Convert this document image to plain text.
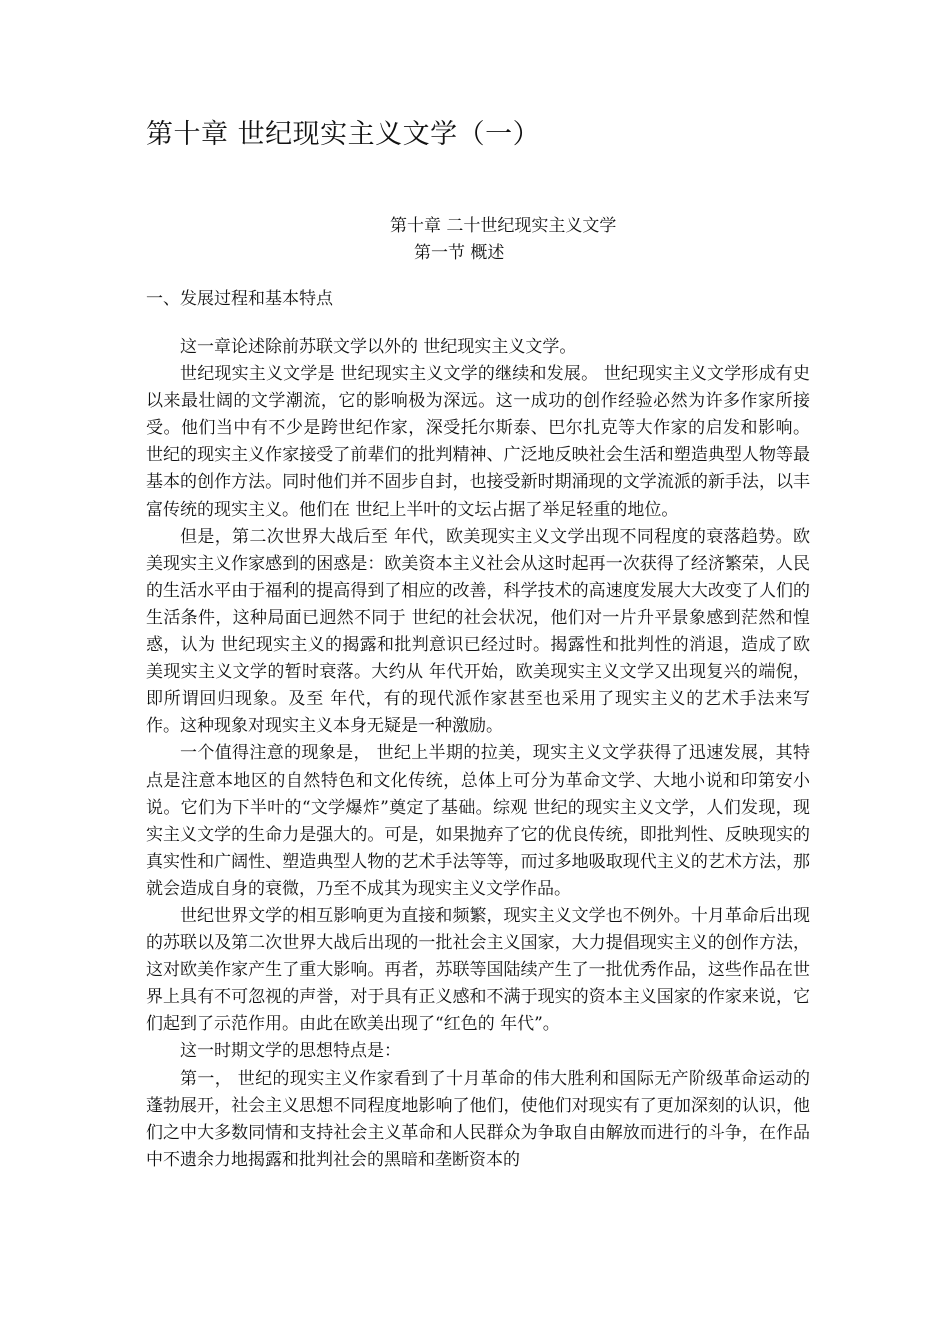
第十章 世纪现实主义文学（一）
第十章 二十世纪现实主义文学
第一节 概述
一、发展过程和基本特点

这一章论述除前苏联文学以外的 世纪现实主义文学。

世纪现实主义文学是 世纪现实主义文学的继续和发展。 世纪现实主义文学形成有史以来最壮阔的文学潮流，它的影响极为深远。这一成功的创作经验必然为许多作家所接受。他们当中有不少是跨世纪作家，深受托尔斯泰、巴尔扎克等大作家的启发和影响。 世纪的现实主义作家接受了前辈们的批判精神、广泛地反映社会生活和塑造典型人物等最基本的创作方法。同时他们并不固步自封，也接受新时期涌现的文学流派的新手法，以丰富传统的现实主义。他们在 世纪上半叶的文坛占据了举足轻重的地位。

但是，第二次世界大战后至 年代，欧美现实主义文学出现不同程度的衰落趋势。欧美现实主义作家感到的困惑是：欧美资本主义社会从这时起再一次获得了经济繁荣，人民的生活水平由于福利的提高得到了相应的改善，科学技术的高速度发展大大改变了人们的生活条件，这种局面已迥然不同于 世纪的社会状况，他们对一片升平景象感到茫然和惶惑，认为 世纪现实主义的揭露和批判意识已经过时。揭露性和批判性的消退，造成了欧美现实主义文学的暂时衰落。大约从 年代开始，欧美现实主义文学又出现复兴的端倪，即所谓回归现象。及至 年代，有的现代派作家甚至也采用了现实主义的艺术手法来写作。这种现象对现实主义本身无疑是一种激励。

一个值得注意的现象是， 世纪上半期的拉美，现实主义文学获得了迅速发展，其特点是注意本地区的自然特色和文化传统，总体上可分为革命文学、大地小说和印第安小说。它们为下半叶的“文学爆炸”奠定了基础。综观 世纪的现实主义文学，人们发现，现实主义文学的生命力是强大的。可是，如果抛弃了它的优良传统，即批判性、反映现实的真实性和广阔性、塑造典型人物的艺术手法等等，而过多地吸取现代主义的艺术方法，那就会造成自身的衰微，乃至不成其为现实主义文学作品。

世纪世界文学的相互影响更为直接和频繁，现实主义文学也不例外。十月革命后出现的苏联以及第二次世界大战后出现的一批社会主义国家，大力提倡现实主义的创作方法，这对欧美作家产生了重大影响。再者，苏联等国陆续产生了一批优秀作品，这些作品在世界上具有不可忽视的声誉，对于具有正义感和不满于现实的资本主义国家的作家来说，它们起到了示范作用。由此在欧美出现了“红色的 年代”。

这一时期文学的思想特点是：

第一， 世纪的现实主义作家看到了十月革命的伟大胜利和国际无产阶级革命运动的蓬勃展开，社会主义思想不同程度地影响了他们，使他们对现实有了更加深刻的认识，他们之中大多数同情和支持社会主义革命和人民群众为争取自由解放而进行的斗争，在作品中不遗余力地揭露和批判社会的黑暗和垄断资本的
